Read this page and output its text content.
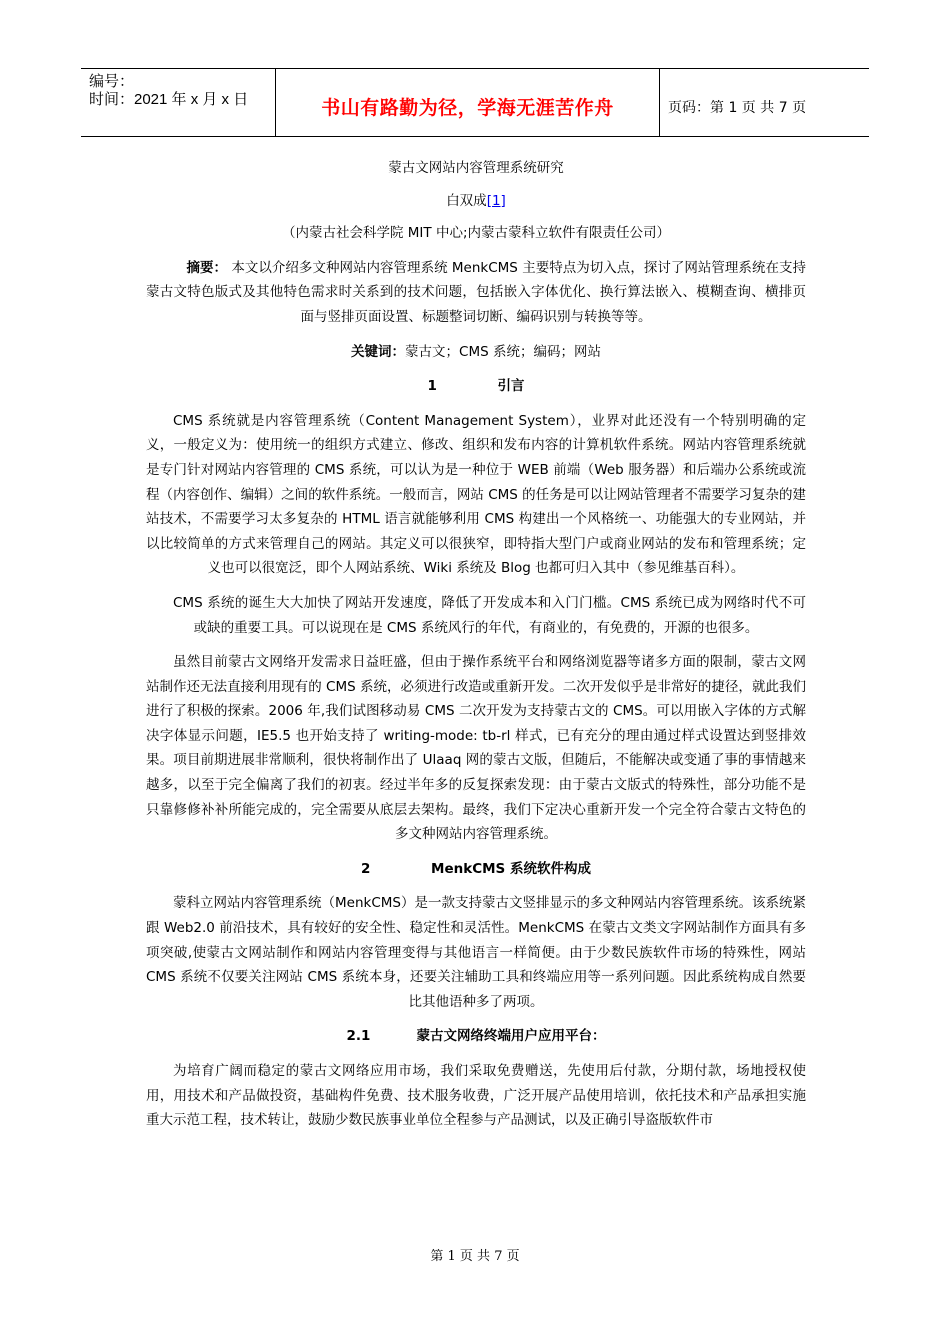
编号：
时间：2021 年 x 月 x 日	书山有路勤为径，学海无涯苦作舟	页码：第 1 页 共 7 页
蒙古文网站内容管理系统研究
白双成[1]
（内蒙古社会科学院 MIT 中心;内蒙古蒙科立软件有限责任公司）

摘要： 本文以介绍多文种网站内容管理系统 MenkCMS 主要特点为切入点，探讨了网站管理系统在支持蒙古文特色版式及其他特色需求时关系到的技术问题，包括嵌入字体优化、换行算法嵌入、模糊查询、横排页面与竖排页面设置、标题整词切断、编码识别与转换等等。

关键词：蒙古文；CMS 系统；编码；网站
1	引言

CMS 系统就是内容管理系统（Content Management System），业界对此还没有一个特别明确的定义，一般定义为：使用统一的组织方式建立、修改、组织和发布内容的计算机软件系统。网站内容管理系统就是专门针对网站内容管理的 CMS 系统，可以认为是一种位于 WEB 前端（Web 服务器）和后端办公系统或流程（内容创作、编辑）之间的软件系统。一般而言，网站 CMS 的任务是可以让网站管理者不需要学习复杂的建站技术，不需要学习太多复杂的 HTML 语言就能够利用 CMS 构建出一个风格统一、功能强大的专业网站，并以比较简单的方式来管理自己的网站。其定义可以很狭窄，即特指大型门户或商业网站的发布和管理系统；定义也可以很宽泛，即个人网站系统、Wiki 系统及 Blog 也都可归入其中（参见维基百科）。

CMS 系统的诞生大大加快了网站开发速度，降低了开发成本和入门门槛。CMS 系统已成为网络时代不可或缺的重要工具。可以说现在是 CMS 系统风行的年代，有商业的，有免费的，开源的也很多。

虽然目前蒙古文网络开发需求日益旺盛，但由于操作系统平台和网络浏览器等诸多方面的限制，蒙古文网站制作还无法直接利用现有的 CMS 系统，必须进行改造或重新开发。二次开发似乎是非常好的捷径，就此我们进行了积极的探索。2006 年,我们试图移动易 CMS 二次开发为支持蒙古文的 CMS。可以用嵌入字体的方式解决字体显示问题，IE5.5 也开始支持了 writing-mode: tb-rl 样式，已有充分的理由通过样式设置达到竖排效果。项目前期进展非常顺利，很快将制作出了 Ulaaq 网的蒙古文版，但随后，不能解决或变通了事的事情越来越多，以至于完全偏离了我们的初衷。经过半年多的反复探索发现：由于蒙古文版式的特殊性，部分功能不是只靠修修补补所能完成的，完全需要从底层去架构。最终，我们下定决心重新开发一个完全符合蒙古文特色的多文种网站内容管理系统。

2	MenkCMS 系统软件构成

蒙科立网站内容管理系统（MenkCMS）是一款支持蒙古文竖排显示的多文种网站内容管理系统。该系统紧跟 Web2.0 前沿技术，具有较好的安全性、稳定性和灵活性。MenkCMS 在蒙古文类文字网站制作方面具有多项突破,使蒙古文网站制作和网站内容管理变得与其他语言一样简便。由于少数民族软件市场的特殊性，网站 CMS 系统不仅要关注网站 CMS 系统本身，还要关注辅助工具和终端应用等一系列问题。因此系统构成自然要比其他语种多了两项。

2.1	蒙古文网络终端用户应用平台：

为培育广阔而稳定的蒙古文网络应用市场，我们采取免费赠送，先使用后付款，分期付款，场地授权使用，用技术和产品做投资，基础构件免费、技术服务收费，广泛开展产品使用培训，依托技术和产品承担实施重大示范工程，技术转让，鼓励少数民族事业单位全程参与产品测试，以及正确引导盗版软件市

第 1 页 共 7 页
